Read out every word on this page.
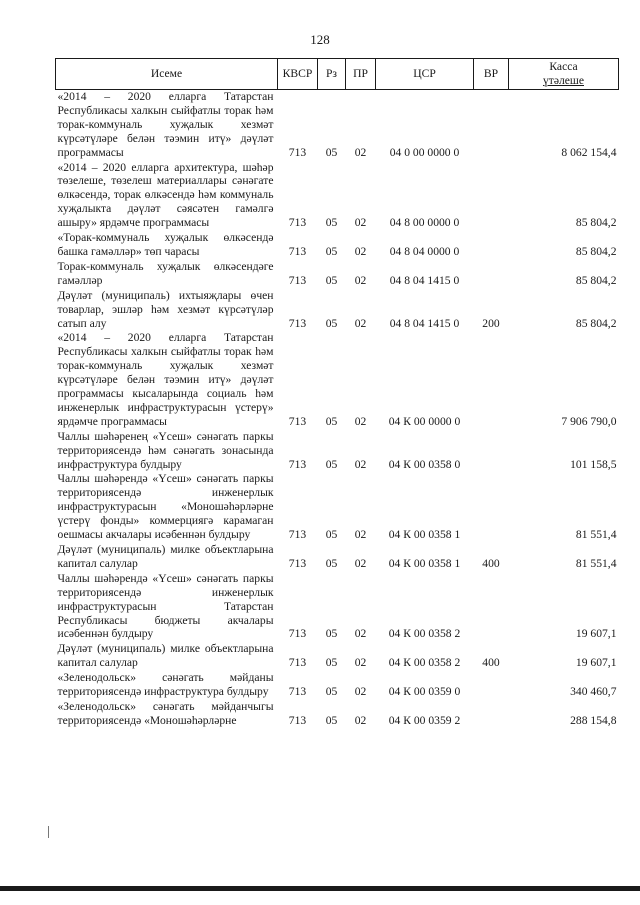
128
Исеме	КВСР	Рз	ПР	ЦСР	ВР	Касса
үтәлеше

«2014 – 2020 елларга Татарстан Республикасы халкын сыйфатлы торак һәм торак-коммуналь хуҗалык хезмәт күрсәтүләре белән тәэмин итү» дәүләт программасы	713	05	02	04 0 00 0000 0		8 062 154,4
«2014 – 2020 елларга архитектура, шәһәр төзелеше, төзелеш материаллары сәнәгате өлкәсендә, торак өлкәсендә һәм коммуналь хуҗалыкта дәүләт сәясәтен гамәлгә ашыру» ярдәмче программасы	713	05	02	04 8 00 0000 0		85 804,2
«Торак-коммуналь хуҗалык өлкәсендә башка гамәлләр» төп чарасы	713	05	02	04 8 04 0000 0		85 804,2
Торак-коммуналь хуҗалык өлкәсендәге гамәлләр	713	05	02	04 8 04 1415 0		85 804,2
Дәүләт (муниципаль) ихтыяҗлары өчен товарлар, эшләр һәм хезмәт күрсәтүләр сатып алу	713	05	02	04 8 04 1415 0	200	85 804,2
«2014 – 2020 елларга Татарстан Республикасы халкын сыйфатлы торак һәм торак-коммуналь хуҗалык хезмәт күрсәтүләре белән тәэмин итү» дәүләт программасы кысаларында социаль һәм инженерлык инфраструктурасын үстерү» ярдәмче программасы	713	05	02	04 К 00 0000 0		7 906 790,0
Чаллы шәһәренең «Үсеш» сәнәгать паркы территориясендә һәм сәнәгать зонасында инфраструктура булдыру	713	05	02	04 К 00 0358 0		101 158,5
Чаллы шәһәрендә «Үсеш» сәнәгать паркы территориясендә инженерлык инфраструктурасын «Моношәһәрләрне үстерү фонды» коммерциягә карамаган оешмасы акчалары исәбеннән булдыру	713	05	02	04 К 00 0358 1		81 551,4
Дәүләт (муниципаль) милке объектларына капитал салулар	713	05	02	04 К 00 0358 1	400	81 551,4
Чаллы шәһәрендә «Үсеш» сәнәгать паркы территориясендә инженерлык инфраструктурасын Татарстан Республикасы бюджеты акчалары исәбеннән булдыру	713	05	02	04 К 00 0358 2		19 607,1
Дәүләт (муниципаль) милке объектларына капитал салулар	713	05	02	04 К 00 0358 2	400	19 607,1
«Зеленодольск» сәнәгать мәйданы территориясендә инфраструктура булдыру	713	05	02	04 К 00 0359 0		340 460,7
«Зеленодольск» сәнәгать мәйданчыгы территориясендә «Моношәһәрләрне	713	05	02	04 К 00 0359 2		288 154,8
